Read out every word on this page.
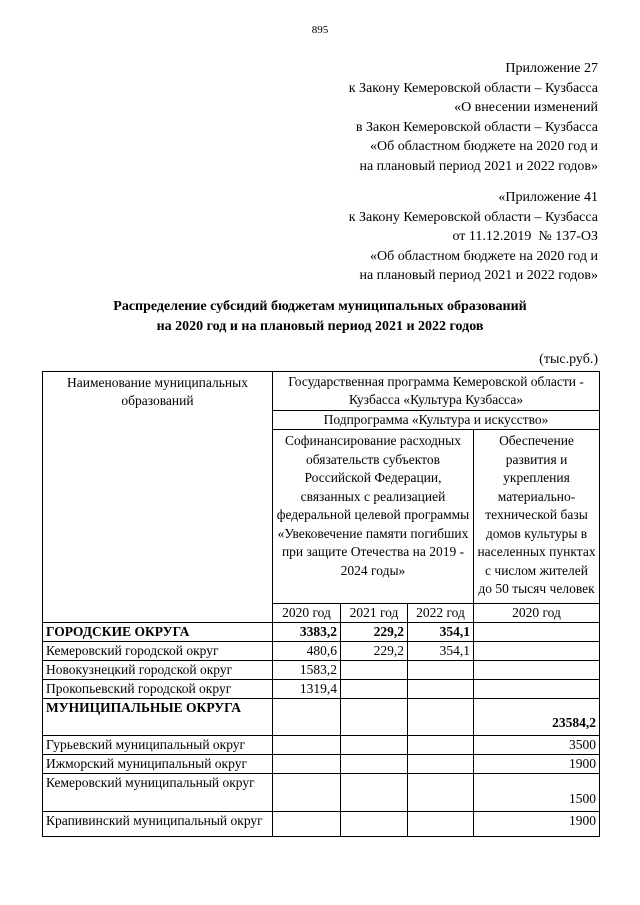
895
Приложение 27
к Закону Кемеровской области – Кузбасса
«О внесении изменений
в Закон Кемеровской области – Кузбасса
«Об областном бюджете на 2020 год и
на плановый период 2021 и 2022 годов»
«Приложение 41
к Закону Кемеровской области – Кузбасса
от 11.12.2019  № 137-ОЗ
«Об областном бюджете на 2020 год и
на плановый период 2021 и 2022 годов»
Распределение субсидий бюджетам муниципальных образований
на 2020 год и на плановый период 2021 и 2022 годов
(тыс.руб.)
Наименование муниципальных образований	Государственная программа Кемеровской области - Кузбасса «Культура Кузбасса»			
	Подпрограмма «Культура и искусство»			
	Софинансирование расходных обязательств субъектов Российской Федерации, связанных с реализацией федеральной целевой программы «Увековечение памяти погибших при защите Отечества на 2019 - 2024 годы»			Обеспечение развития и укрепления материально-технической базы домов культуры в населенных пунктах с числом жителей до 50 тысяч человек
	2020 год	2021 год	2022 год	2020 год
ГОРОДСКИЕ ОКРУГА	3383,2	229,2	354,1	
Кемеровский городской округ	480,6	229,2	354,1	
Новокузнецкий городской округ	1583,2			
Прокопьевский городской округ	1319,4			
МУНИЦИПАЛЬНЫЕ ОКРУГА				23584,2
Гурьевский муниципальный округ				3500
Ижморский муниципальный округ				1900
Кемеровский муниципальный округ				1500
Крапивинский муниципальный округ				1900
